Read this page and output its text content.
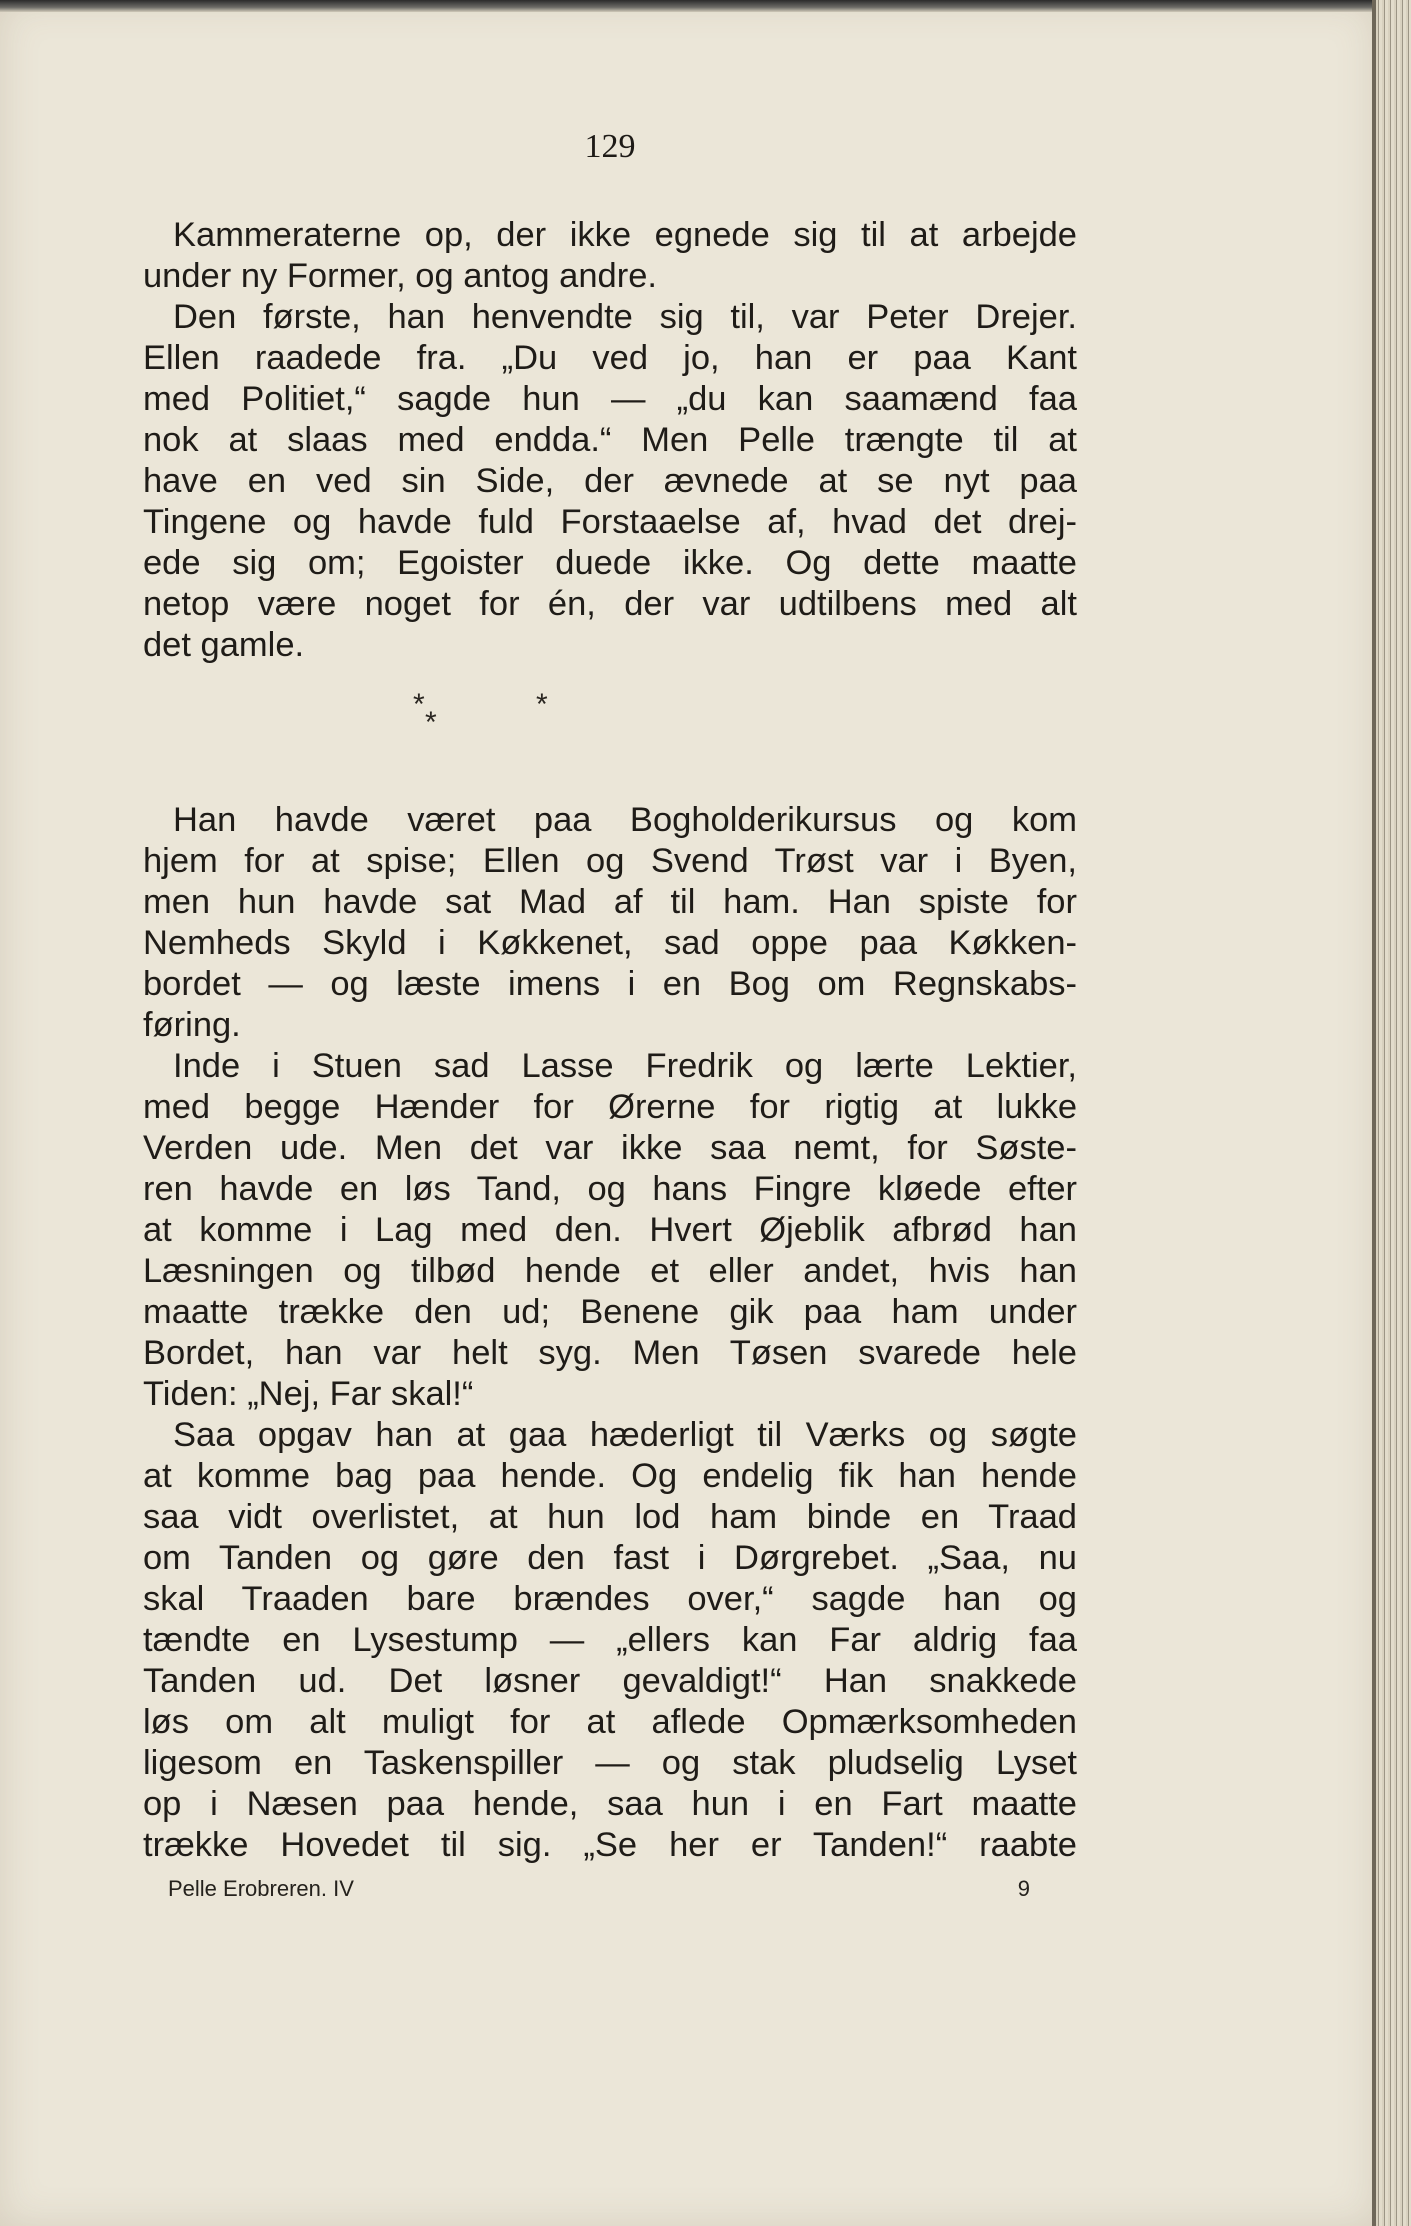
129
Kammeraterne op, der ikke egnede sig til at arbejde
under ny Former, og antog andre.
Den første, han henvendte sig til, var Peter Drejer.
Ellen raadede fra. „Du ved jo, han er paa Kant
med Politiet,“ sagde hun — „du kan saamænd faa
nok at slaas med endda.“ Men Pelle trængte til at
have en ved sin Side, der ævnede at se nyt paa
Tingene og havde fuld Forstaaelse af, hvad det drej-
ede sig om; Egoister duede ikke. Og dette maatte
netop være noget for én, der var udtilbens med alt
det gamle.
*	*
*
Han havde været paa Bogholderikursus og kom
hjem for at spise; Ellen og Svend Trøst var i Byen,
men hun havde sat Mad af til ham. Han spiste for
Nemheds Skyld i Køkkenet, sad oppe paa Køkken-
bordet — og læste imens i en Bog om Regnskabs-
føring.
Inde i Stuen sad Lasse Fredrik og lærte Lektier,
med begge Hænder for Ørerne for rigtig at lukke
Verden ude. Men det var ikke saa nemt, for Søste-
ren havde en løs Tand, og hans Fingre kløede efter
at komme i Lag med den. Hvert Øjeblik afbrød han
Læsningen og tilbød hende et eller andet, hvis han
maatte trække den ud; Benene gik paa ham under
Bordet, han var helt syg. Men Tøsen svarede hele
Tiden: „Nej, Far skal!“
Saa opgav han at gaa hæderligt til Værks og søgte
at komme bag paa hende. Og endelig fik han hende
saa vidt overlistet, at hun lod ham binde en Traad
om Tanden og gøre den fast i Dørgrebet. „Saa, nu
skal Traaden bare brændes over,“ sagde han og
tændte en Lysestump — „ellers kan Far aldrig faa
Tanden ud. Det løsner gevaldigt!“ Han snakkede
løs om alt muligt for at aflede Opmærksomheden
ligesom en Taskenspiller — og stak pludselig Lyset
op i Næsen paa hende, saa hun i en Fart maatte
trække Hovedet til sig. „Se her er Tanden!“ raabte
Pelle Erobreren. IV	9
